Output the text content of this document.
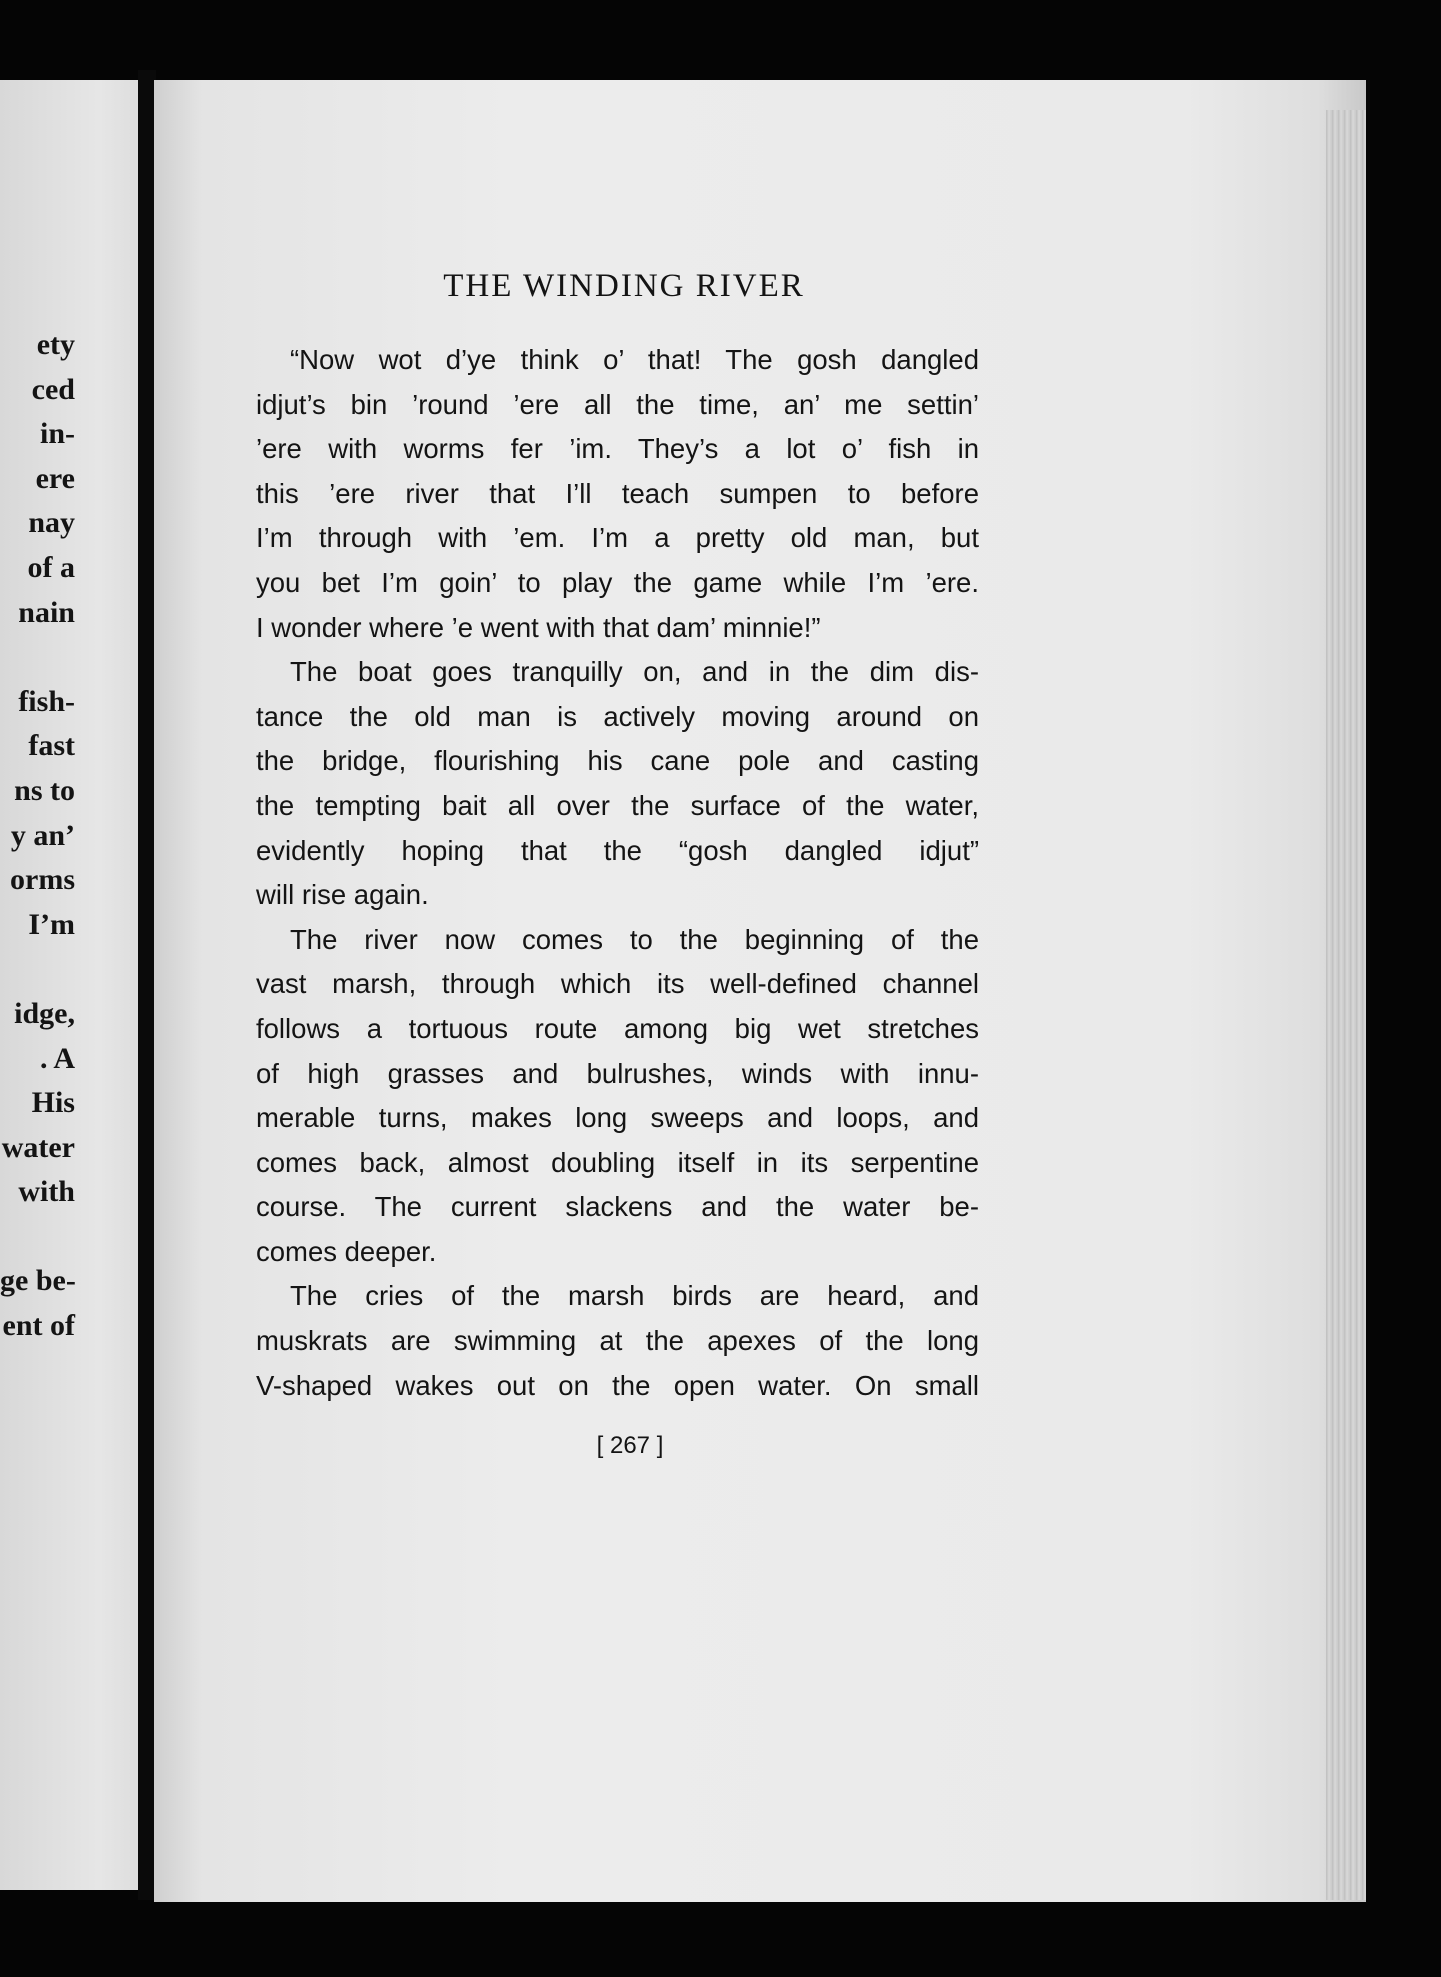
ety
ced
in-
ere
nay
of a
nain
fish-
fast
ns to
y an’
orms
I’m
idge,
. A
His
water
with
ge be-
ent of
THE WINDING RIVER
“Now wot d’ye think o’ that! The gosh dangled
idjut’s bin ’round ’ere all the time, an’ me settin’
’ere with worms fer ’im. They’s a lot o’ fish in
this ’ere river that I’ll teach sumpen to before
I’m through with ’em. I’m a pretty old man, but
you bet I’m goin’ to play the game while I’m ’ere.
I wonder where ’e went with that dam’ minnie!”
The boat goes tranquilly on, and in the dim dis-
tance the old man is actively moving around on
the bridge, flourishing his cane pole and casting
the tempting bait all over the surface of the water,
evidently hoping that the “gosh dangled idjut”
will rise again.
The river now comes to the beginning of the
vast marsh, through which its well-defined channel
follows a tortuous route among big wet stretches
of high grasses and bulrushes, winds with innu-
merable turns, makes long sweeps and loops, and
comes back, almost doubling itself in its serpentine
course. The current slackens and the water be-
comes deeper.
The cries of the marsh birds are heard, and
muskrats are swimming at the apexes of the long
V-shaped wakes out on the open water. On small
[ 267 ]
